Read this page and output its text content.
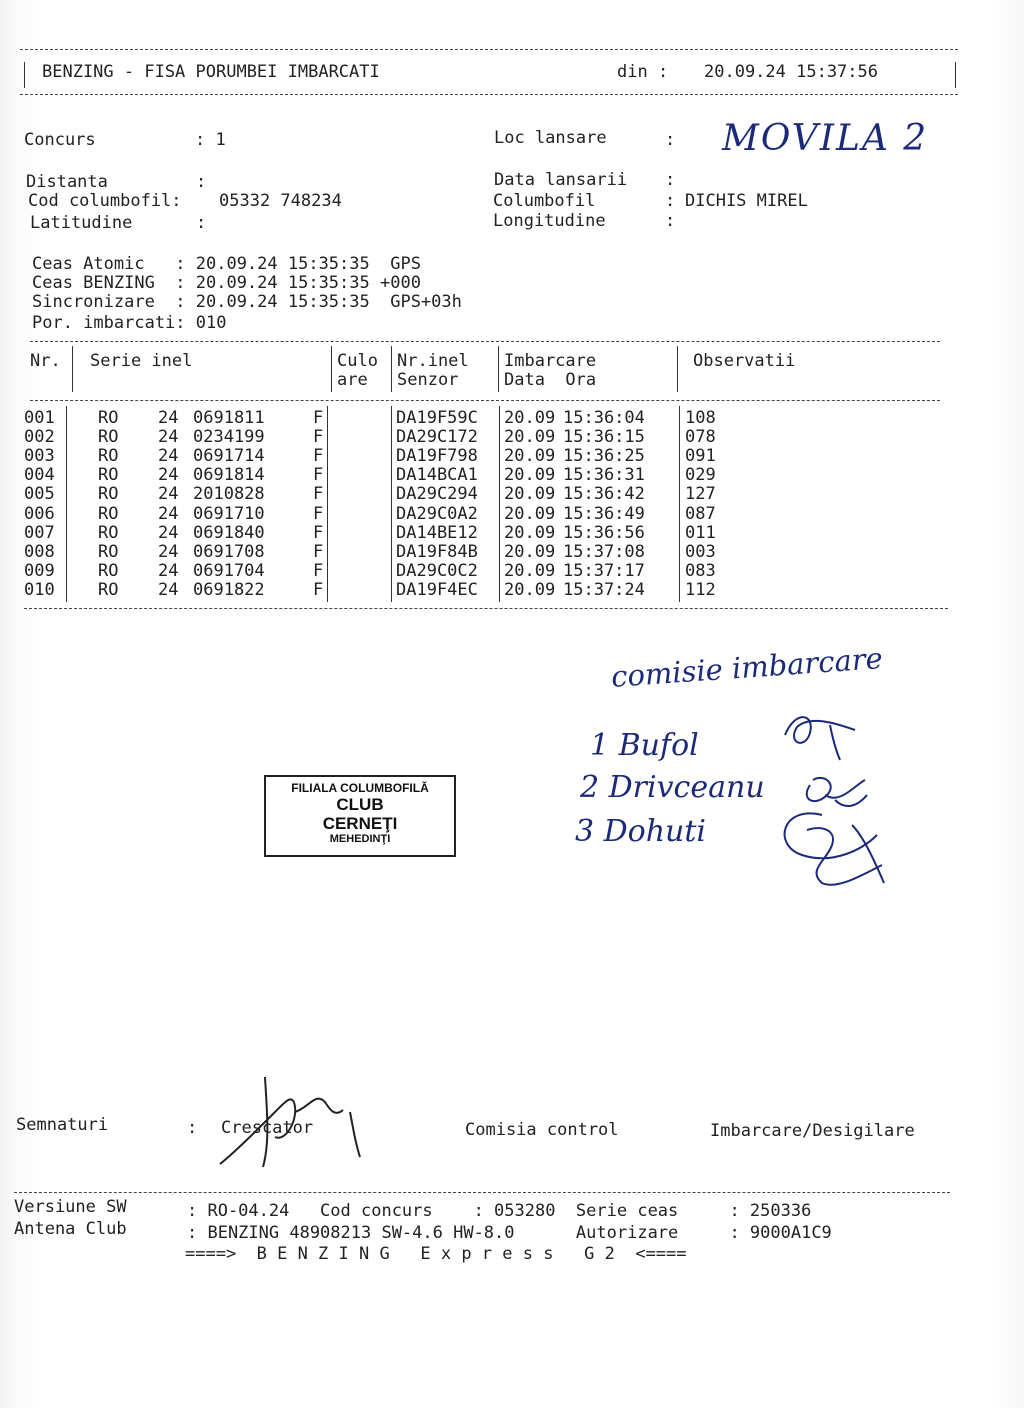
BENZING - FISA PORUMBEI IMBARCATI	din : 20.09.24 15:37:56
Concurs	: 1	Loc lansare	: MOVILA 2
Distanta	:	Data lansarii :
Cod columbofil: 05332 748234	Columbofil	: DICHIS MIREL
Latitudine	:	Longitudine	:
Ceas Atomic   : 20.09.24 15:35:35  GPS
Ceas BENZING  : 20.09.24 15:35:35 +000
Sincronizare  : 20.09.24 15:35:35  GPS+03h
Por. imbarcati: 010
Nr. Serie inel	Culo
are
Nr.inel
Senzor
Imbarcare
Data  Ora
Observatii
001	RO 24 0691811	F	DA19F59C 20.09 15:36:04 108
002	RO 24 0234199	F	DA29C172 20.09 15:36:15 078
003	RO 24 0691714	F	DA19F798 20.09 15:36:25 091
004	RO 24 0691814	F	DA14BCA1 20.09 15:36:31 029
005	RO 24 2010828	F	DA29C294 20.09 15:36:42 127
006	RO 24 0691710	F	DA29C0A2 20.09 15:36:49 087
007	RO 24 0691840	F	DA14BE12 20.09 15:36:56 011
008	RO 24 0691708	F	DA19F84B 20.09 15:37:08 003
009	RO 24 0691704	F	DA29C0C2 20.09 15:37:17 083
010	RO 24 0691822	F	DA19F4EC 20.09 15:37:24 112
comisie imbarcare
1 Bufol
2 Drivceanu
3 Dohuti
FILIALA COLUMBOFILĂ
CLUB
CERNEŢI
MEHEDINŢI
Semnaturi	: Crescator	Comisia control	Imbarcare/Desigilare
Versiune SW
Antena Club
: RO-04.24   Cod concurs    : 053280  Serie ceas     : 250336
: BENZING 48908213 SW-4.6 HW-8.0      Autorizare     : 9000A1C9
====>  B E N Z I N G   E x p r e s s   G 2  <====
